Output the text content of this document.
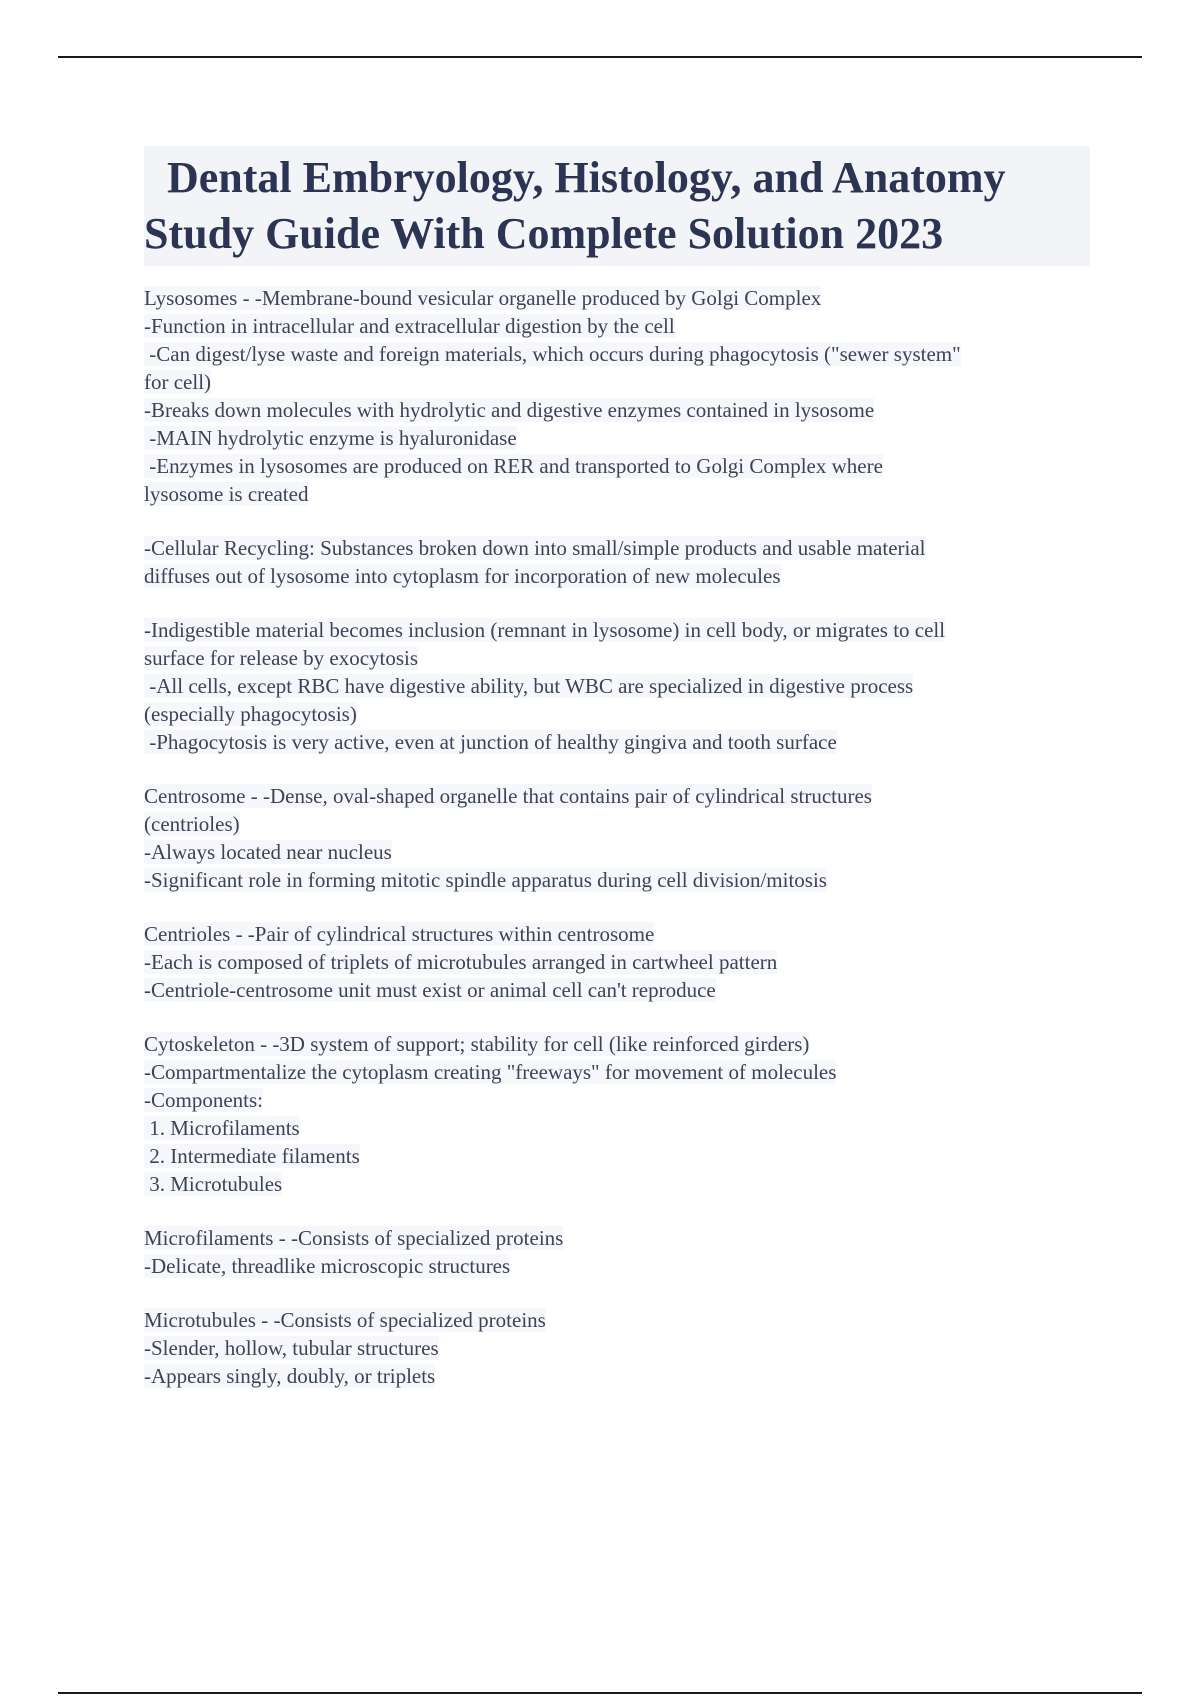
Dental Embryology, Histology, and Anatomy
Study Guide With Complete Solution 2023
Lysosomes - -Membrane-bound vesicular organelle produced by Golgi Complex
-Function in intracellular and extracellular digestion by the cell
-Can digest/lyse waste and foreign materials, which occurs during phagocytosis ("sewer system"
for cell)
-Breaks down molecules with hydrolytic and digestive enzymes contained in lysosome
-MAIN hydrolytic enzyme is hyaluronidase
-Enzymes in lysosomes are produced on RER and transported to Golgi Complex where
lysosome is created
-Cellular Recycling: Substances broken down into small/simple products and usable material
diffuses out of lysosome into cytoplasm for incorporation of new molecules
-Indigestible material becomes inclusion (remnant in lysosome) in cell body, or migrates to cell
surface for release by exocytosis
-All cells, except RBC have digestive ability, but WBC are specialized in digestive process
(especially phagocytosis)
-Phagocytosis is very active, even at junction of healthy gingiva and tooth surface
Centrosome - -Dense, oval-shaped organelle that contains pair of cylindrical structures
(centrioles)
-Always located near nucleus
-Significant role in forming mitotic spindle apparatus during cell division/mitosis
Centrioles - -Pair of cylindrical structures within centrosome
-Each is composed of triplets of microtubules arranged in cartwheel pattern
-Centriole-centrosome unit must exist or animal cell can't reproduce
Cytoskeleton - -3D system of support; stability for cell (like reinforced girders)
-Compartmentalize the cytoplasm creating "freeways" for movement of molecules
-Components:
1. Microfilaments
2. Intermediate filaments
3. Microtubules
Microfilaments - -Consists of specialized proteins
-Delicate, threadlike microscopic structures
Microtubules - -Consists of specialized proteins
-Slender, hollow, tubular structures
-Appears singly, doubly, or triplets
